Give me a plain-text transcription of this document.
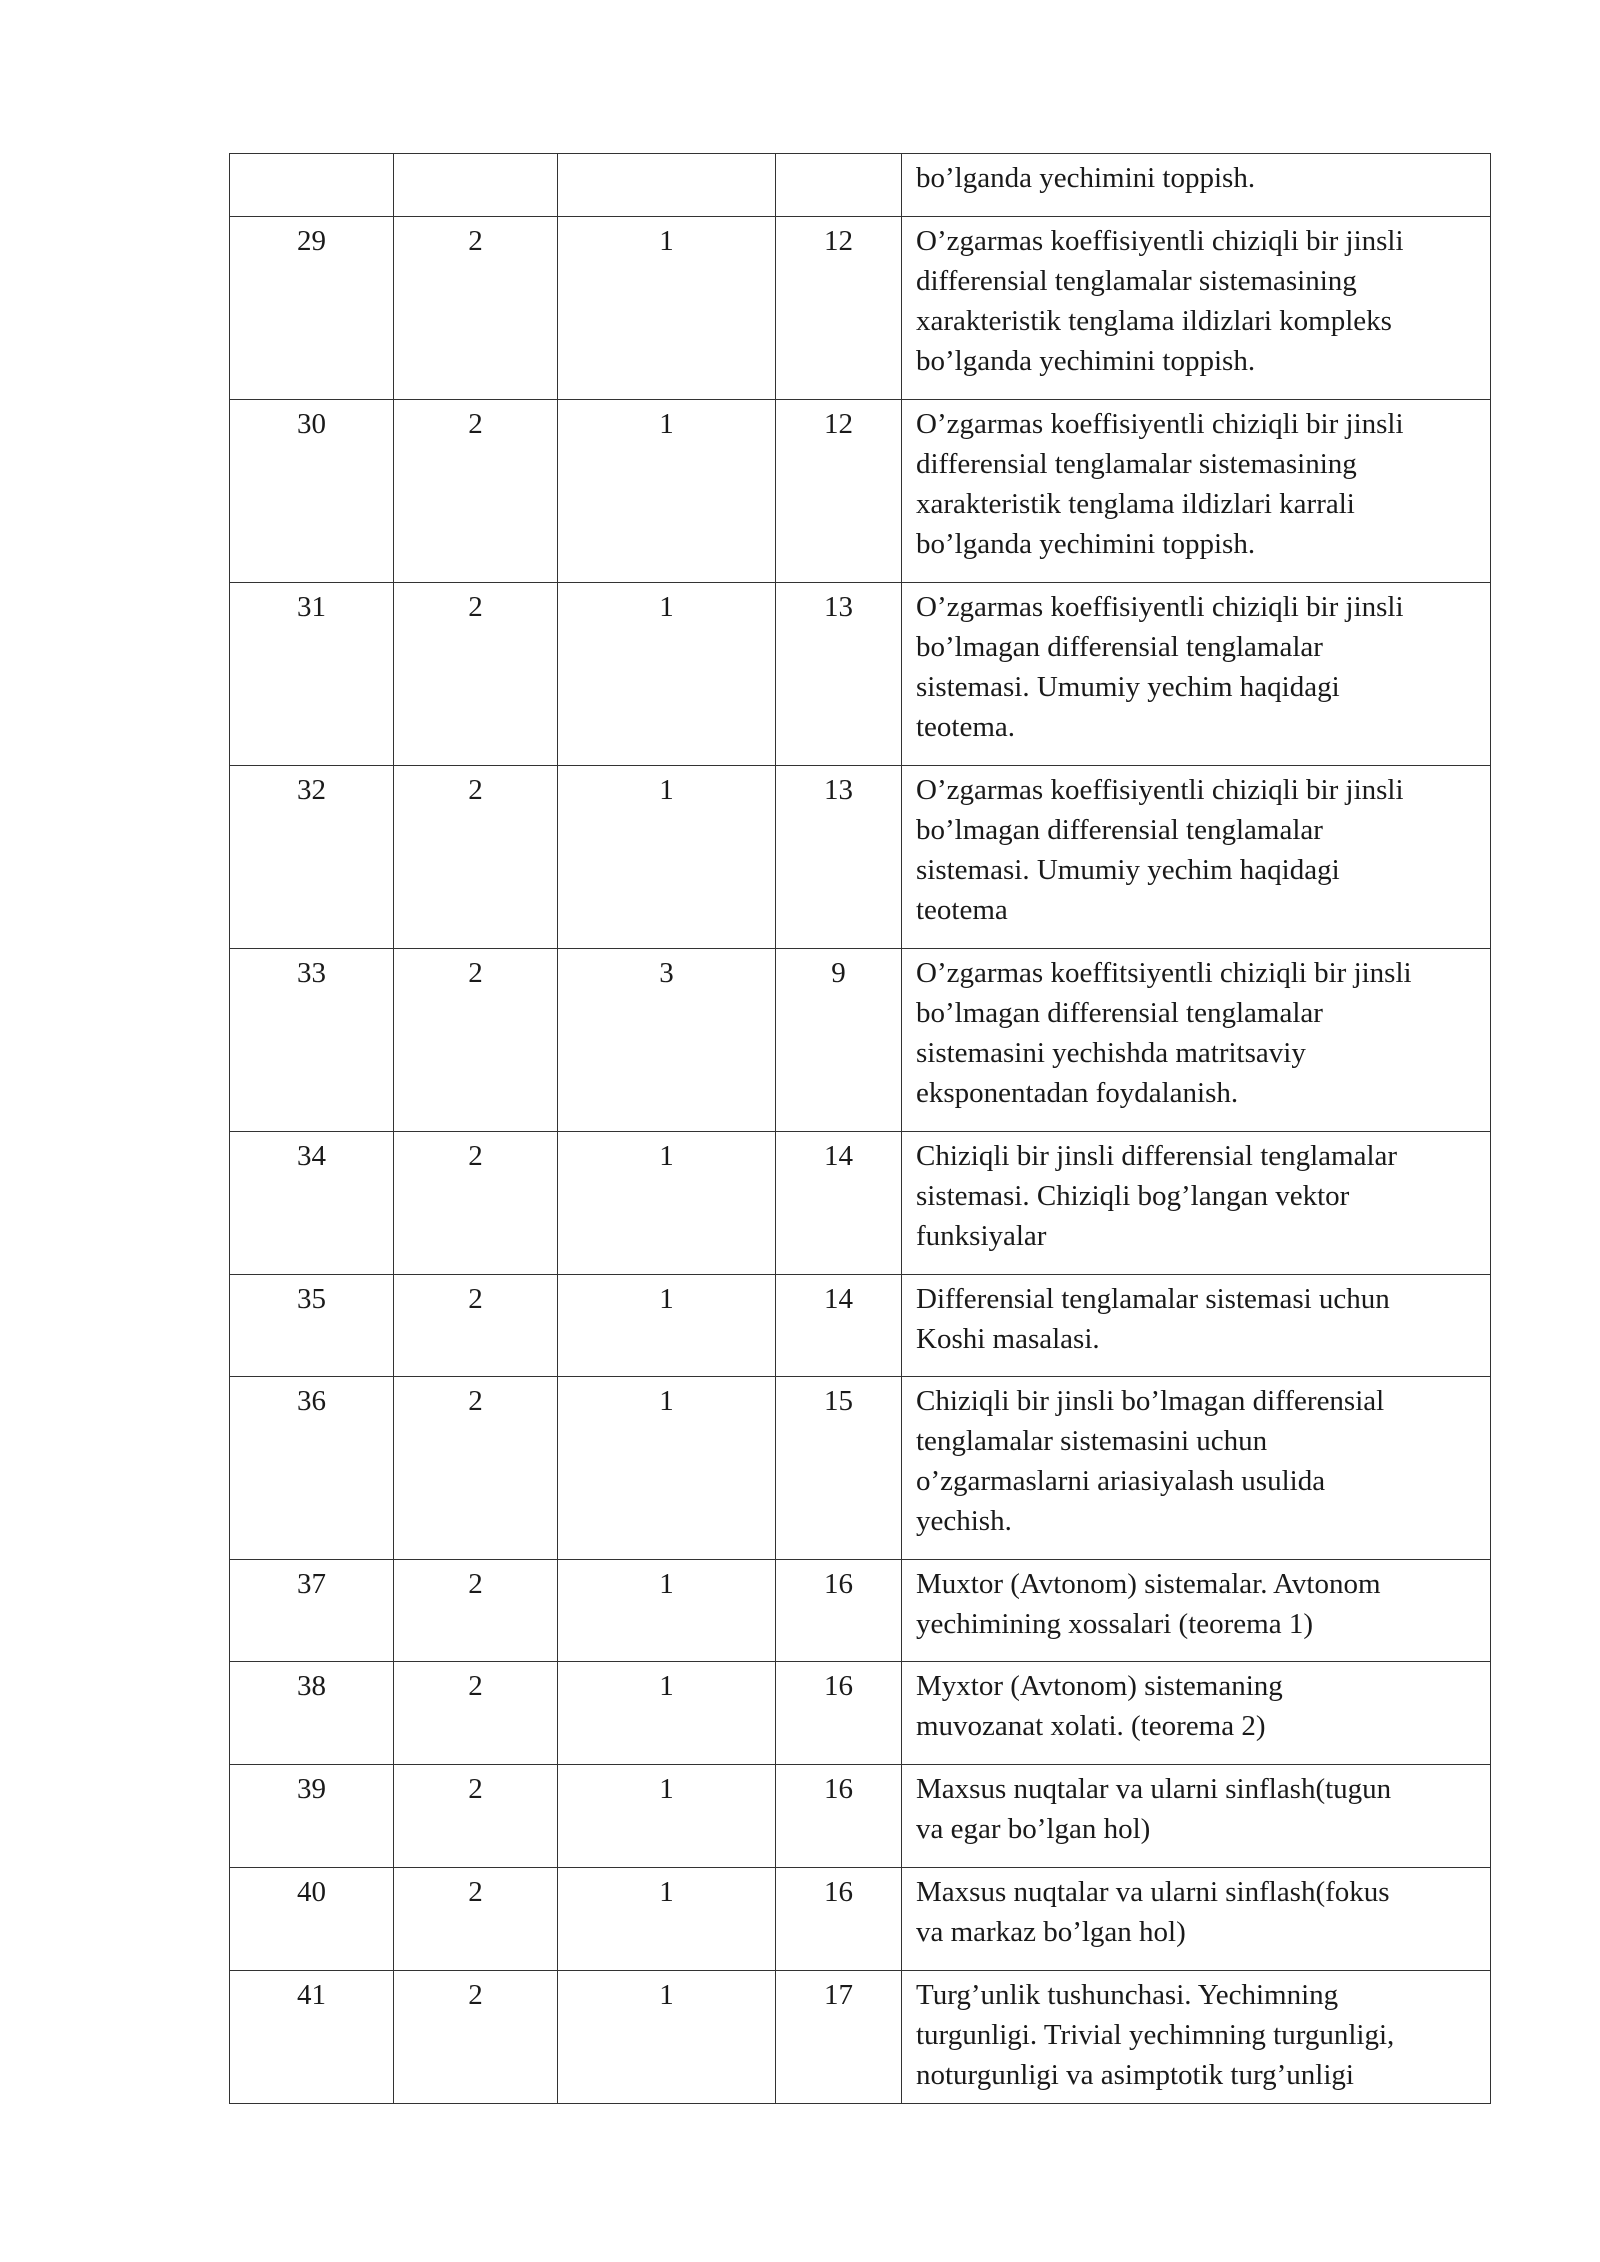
				bo’lganda yechimini toppish.
29	2	1	12	O’zgarmas koeffisiyentli chiziqli bir jinsli
differensial tenglamalar sistemasining
xarakteristik tenglama ildizlari kompleks
bo’lganda yechimini toppish.
30	2	1	12	O’zgarmas koeffisiyentli chiziqli bir jinsli
differensial tenglamalar sistemasining
xarakteristik tenglama ildizlari karrali
bo’lganda yechimini toppish.
31	2	1	13	O’zgarmas koeffisiyentli chiziqli bir jinsli
bo’lmagan differensial tenglamalar
sistemasi. Umumiy yechim haqidagi
teotema.
32	2	1	13	O’zgarmas koeffisiyentli chiziqli bir jinsli
bo’lmagan differensial tenglamalar
sistemasi. Umumiy yechim haqidagi
teotema
33	2	3	9	O’zgarmas koeffitsiyentli chiziqli bir jinsli
bo’lmagan differensial tenglamalar
sistemasini yechishda matritsaviy
eksponentadan foydalanish.
34	2	1	14	Chiziqli bir jinsli differensial tenglamalar
sistemasi. Chiziqli bog’langan vektor
funksiyalar
35	2	1	14	Differensial tenglamalar sistemasi uchun
Koshi masalasi.
36	2	1	15	Chiziqli bir jinsli bo’lmagan differensial
tenglamalar sistemasini uchun
o’zgarmaslarni ariasiyalash usulida
yechish.
37	2	1	16	Muxtor (Avtonom) sistemalar. Avtonom
yechimining xossalari (teorema 1)
38	2	1	16	Myxtor (Avtonom) sistemaning
muvozanat xolati. (teorema 2)
39	2	1	16	Maxsus nuqtalar va ularni sinflash(tugun
va egar bo’lgan hol)
40	2	1	16	Maxsus nuqtalar va ularni sinflash(fokus
va markaz bo’lgan hol)
41	2	1	17	Turg’unlik tushunchasi. Yechimning
turgunligi. Trivial yechimning turgunligi,
noturgunligi va asimptotik turg’unligi
